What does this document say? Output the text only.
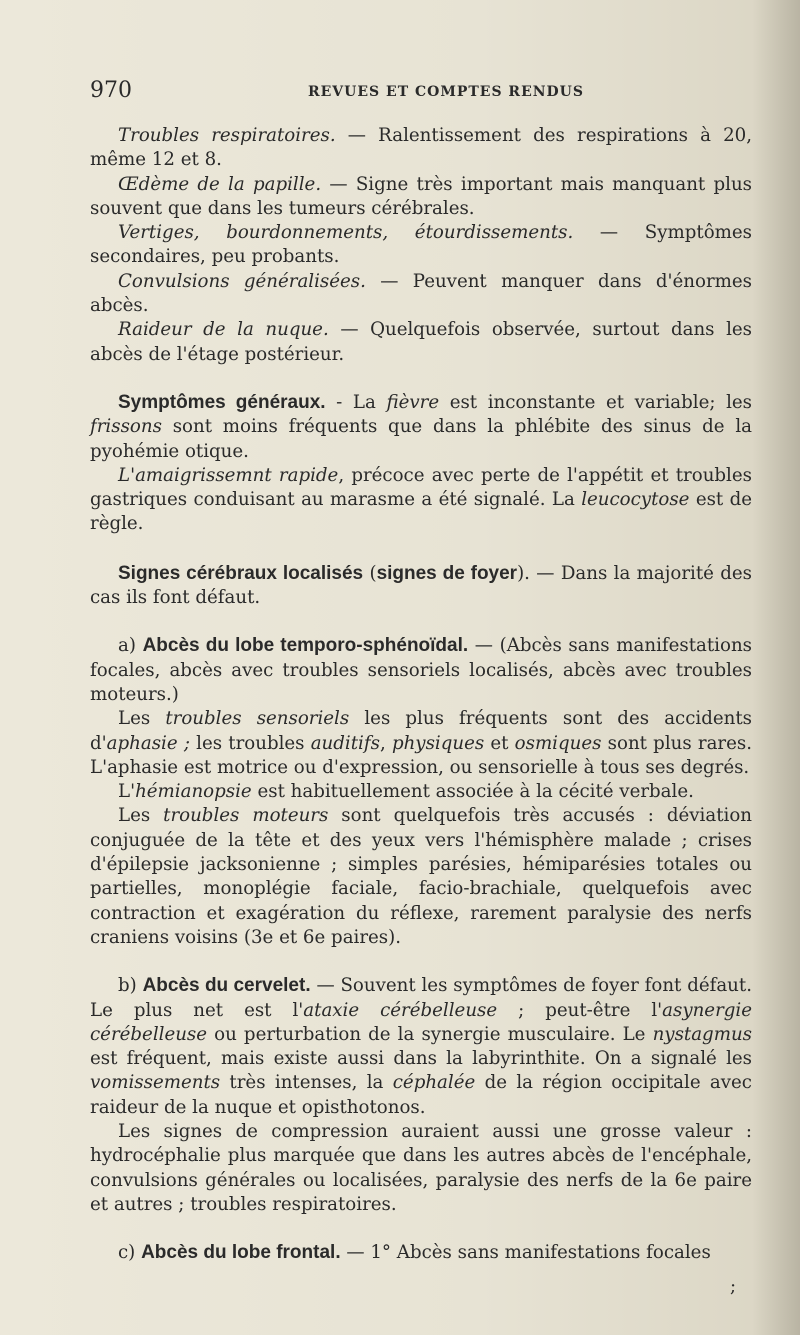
970	REVUES ET COMPTES RENDUS

Troubles respiratoires. — Ralentissement des respirations à 20, même 12 et 8.

Œdème de la papille. — Signe très important mais manquant plus souvent que dans les tumeurs cérébrales.

Vertiges, bourdonnements, étourdissements. — Symptômes secondaires, peu probants.

Convulsions généralisées. — Peuvent manquer dans d'énormes abcès.

Raideur de la nuque. — Quelquefois observée, surtout dans les abcès de l'étage postérieur.

Symptômes généraux. - La fièvre est inconstante et variable; les frissons sont moins fréquents que dans la phlébite des sinus de la pyohémie otique.

L'amaigrissemnt rapide, précoce avec perte de l'appétit et troubles gastriques conduisant au marasme a été signalé. La leucocytose est de règle.

Signes cérébraux localisés (signes de foyer). — Dans la majorité des cas ils font défaut.

a) Abcès du lobe temporo-sphénoïdal. — (Abcès sans manifestations focales, abcès avec troubles sensoriels localisés, abcès avec troubles moteurs.)

Les troubles sensoriels les plus fréquents sont des accidents d'aphasie ; les troubles auditifs, physiques et osmiques sont plus rares. L'aphasie est motrice ou d'expression, ou sensorielle à tous ses degrés.

L'hémianopsie est habituellement associée à la cécité verbale.

Les troubles moteurs sont quelquefois très accusés : déviation conjuguée de la tête et des yeux vers l'hémisphère malade ; crises d'épilepsie jacksonienne ; simples parésies, hémiparésies totales ou partielles, monoplégie faciale, facio-brachiale, quelquefois avec contraction et exagération du réflexe, rarement paralysie des nerfs craniens voisins (3e et 6e paires).

b) Abcès du cervelet. — Souvent les symptômes de foyer font défaut. Le plus net est l'ataxie cérébelleuse ; peut-être l'asynergie cérébelleuse ou perturbation de la synergie musculaire. Le nystagmus est fréquent, mais existe aussi dans la labyrinthite. On a signalé les vomissements très intenses, la céphalée de la région occipitale avec raideur de la nuque et opisthotonos.

Les signes de compression auraient aussi une grosse valeur : hydrocéphalie plus marquée que dans les autres abcès de l'encéphale, convulsions générales ou localisées, paralysie des nerfs de la 6e paire et autres ; troubles respiratoires.

c) Abcès du lobe frontal. — 1° Abcès sans manifestations focales

;
